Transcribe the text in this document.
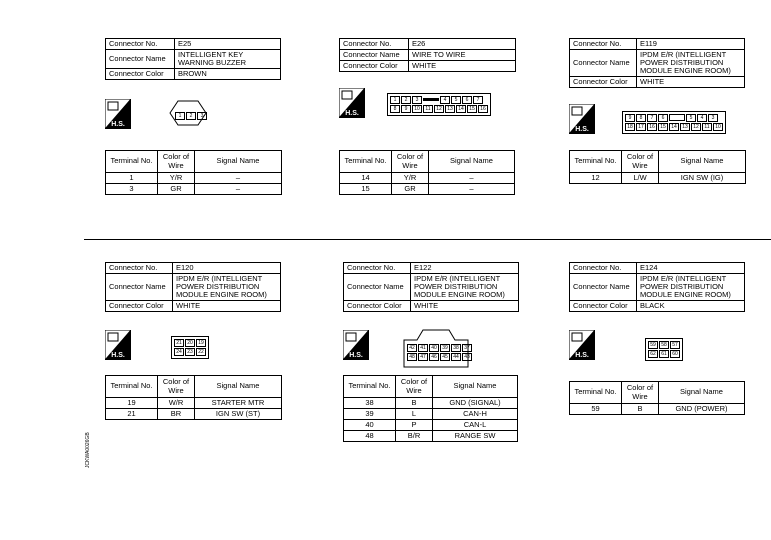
Connector No.	E25
Connector Name	INTELLIGENT KEY WARNING BUZZER
Connector Color	BROWN
H.S.
1	2	3
Terminal No.	Color of Wire	Signal Name
1	Y/R	–
3	GR	–
Connector No.	E26
Connector Name	WIRE TO WIRE
Connector Color	WHITE
H.S.
1	2	3	4	5	6	7
8	9	10	11	12	13	14	15	16
Terminal No.	Color of Wire	Signal Name
14	Y/R	–
15	GR	–
Connector No.	E119
Connector Name	IPDM E/R (INTELLIGENT POWER DISTRIBUTION MODULE ENGINE ROOM)
Connector Color	WHITE
H.S.
9	8	7	6	5	4	3
18	17	16	15	14	13	12	11	10
Terminal No.	Color of Wire	Signal Name
12	L/W	IGN SW (IG)
Connector No.	E120
Connector Name	IPDM E/R (INTELLIGENT POWER DISTRIBUTION MODULE ENGINE ROOM)
Connector Color	WHITE
H.S.
21	20	19
24	23	22
Terminal No.	Color of Wire	Signal Name
19	W/R	STARTER MTR
21	BR	IGN SW (ST)
Connector No.	E122
Connector Name	IPDM E/R (INTELLIGENT POWER DISTRIBUTION MODULE ENGINE ROOM)
Connector Color	WHITE
H.S.
42	41	40	39	38	37
48	47	46	45	44	43
Terminal No.	Color of Wire	Signal Name
38	B	GND (SIGNAL)
39	L	CAN-H
40	P	CAN-L
48	B/R	RANGE SW
Connector No.	E124
Connector Name	IPDM E/R (INTELLIGENT POWER DISTRIBUTION MODULE ENGINE ROOM)
Connector Color	BLACK
H.S.
59	58	57
62	61	60
Terminal No.	Color of Wire	Signal Name
59	B	GND (POWER)
JCKWA0026GB
